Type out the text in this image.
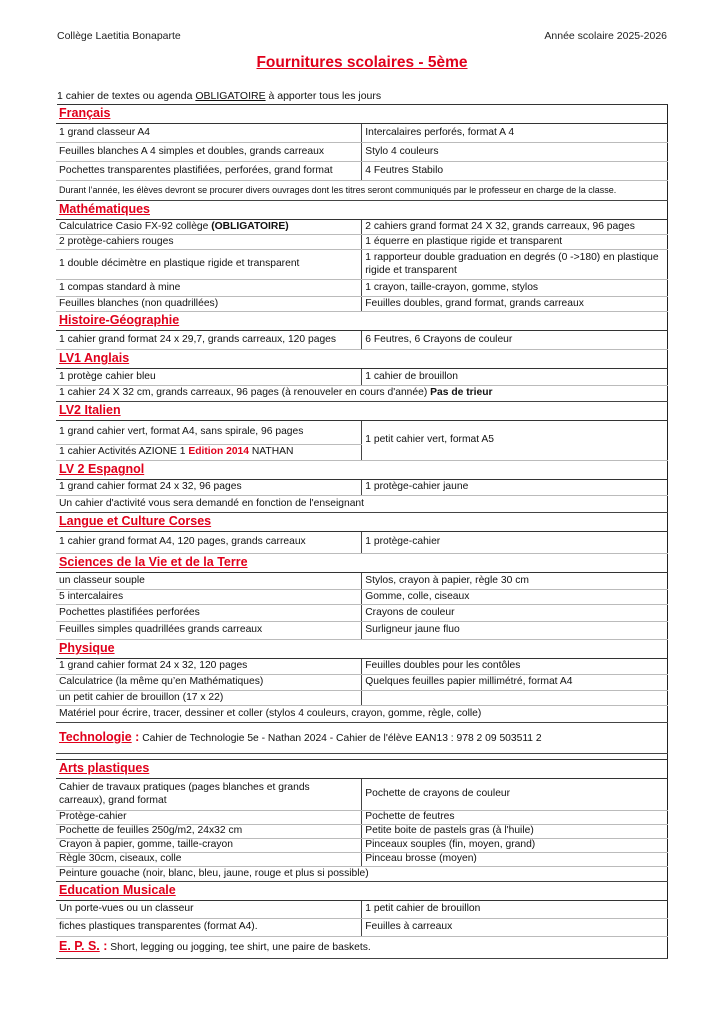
Collège Laetitia Bonaparte	Année scolaire 2025-2026
Fournitures scolaires - 5ème
1 cahier de textes ou agenda OBLIGATOIRE à apporter tous les jours
Français	
1 grand classeur A4	Intercalaires perforés, format A 4
Feuilles blanches A 4 simples et doubles, grands carreaux	Stylo 4 couleurs
Pochettes transparentes plastifiées, perforées, grand format	4 Feutres Stabilo
Durant l’année, les élèves devront se procurer divers ouvrages dont les titres seront communiqués par le professeur en charge de la classe.	
Mathématiques	
Calculatrice Casio FX-92 collège (OBLIGATOIRE)	2 cahiers grand format 24 X 32, grands carreaux, 96 pages
2 protège-cahiers rouges	1 équerre en plastique rigide et transparent
1 double décimètre en plastique rigide et transparent	1 rapporteur double graduation en degrés (0 ->180) en plastique rigide et transparent
1 compas standard à mine	1 crayon, taille-crayon, gomme, stylos
Feuilles blanches (non quadrillées)	Feuilles doubles, grand format, grands carreaux
Histoire-Géographie	
1 cahier grand format 24 x 29,7, grands carreaux, 120 pages	6 Feutres, 6 Crayons de couleur
LV1 Anglais	
1 protège cahier bleu	1 cahier de brouillon
1 cahier 24 X 32 cm, grands carreaux, 96 pages (à renouveler en cours d'année) Pas de trieur	
LV2 Italien	
1 grand cahier vert, format A4, sans spirale, 96 pages	1 petit cahier vert, format A5
1 cahier Activités AZIONE 1 Edition 2014 NATHAN	
LV 2 Espagnol	
1 grand cahier format 24 x 32, 96 pages	1 protège-cahier jaune
Un cahier d'activité vous sera demandé en fonction de l'enseignant	
Langue et Culture Corses	
1 cahier grand format A4, 120 pages, grands carreaux	1 protège-cahier
Sciences de la Vie et de la Terre	
un classeur souple	Stylos, crayon à papier, règle 30 cm
5 intercalaires	Gomme, colle, ciseaux
Pochettes plastifiées perforées	Crayons de couleur
Feuilles simples quadrillées grands carreaux	Surligneur jaune fluo
Physique	
1 grand cahier format 24 x 32, 120 pages	Feuilles doubles pour les contôles
Calculatrice (la même qu’en Mathématiques)	Quelques feuilles papier millimétré, format A4
un petit cahier de brouillon (17 x 22)	
Matériel pour écrire, tracer, dessiner et coller (stylos 4 couleurs, crayon, gomme, règle, colle)	
Technologie : Cahier de Technologie 5e - Nathan 2024 - Cahier de l'élève EAN13 : 978 2 09 503511 2	

Arts plastiques	
Cahier de travaux pratiques (pages blanches et grands carreaux), grand format	Pochette de crayons de couleur
Protège-cahier	Pochette de feutres
Pochette de feuilles 250g/m2, 24x32 cm	Petite boite de pastels gras (à l'huile)
Crayon à papier, gomme, taille-crayon	Pinceaux souples (fin, moyen, grand)
Règle 30cm, ciseaux, colle	Pinceau brosse (moyen)
Peinture gouache (noir, blanc, bleu, jaune, rouge et plus si possible)	
Education Musicale	
Un porte-vues ou un classeur	1 petit cahier de brouillon
fiches plastiques transparentes (format A4).	Feuilles à carreaux
E. P. S. : Short, legging ou jogging, tee shirt, une paire de baskets.	
